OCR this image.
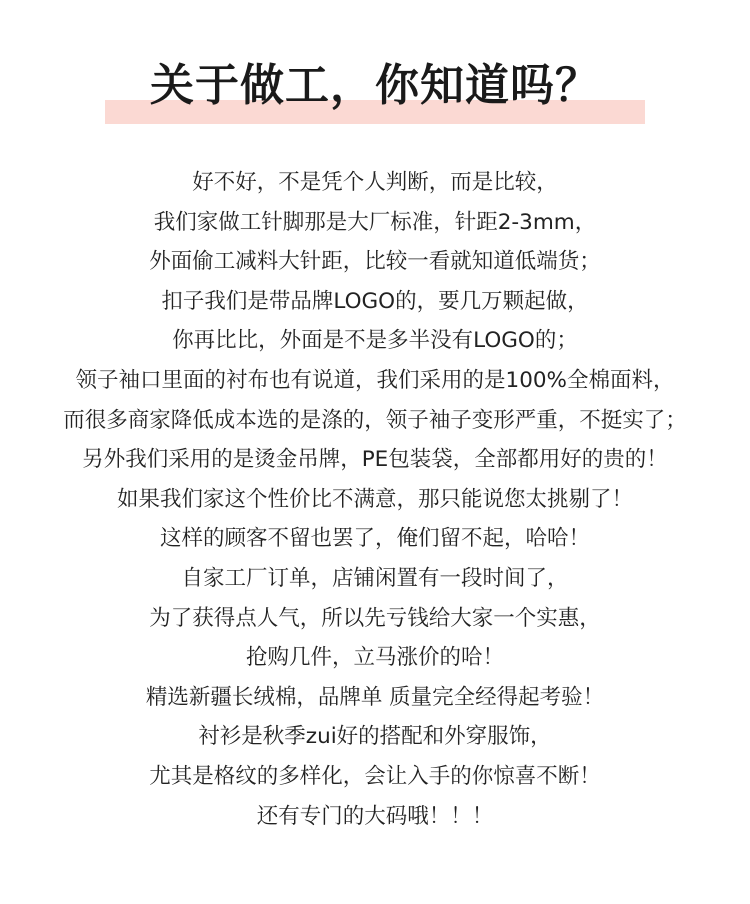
关于做工，你知道吗？
好不好，不是凭个人判断，而是比较，
我们家做工针脚那是大厂标准，针距2-3mm，
外面偷工减料大针距，比较一看就知道低端货；
扣子我们是带品牌LOGO的，要几万颗起做，
你再比比，外面是不是多半没有LOGO的；
领子袖口里面的衬布也有说道，我们采用的是100%全棉面料，
而很多商家降低成本选的是涤的，领子袖子变形严重，不挺实了；
另外我们采用的是烫金吊牌，PE包装袋，全部都用好的贵的！
如果我们家这个性价比不满意，那只能说您太挑剔了！
这样的顾客不留也罢了，俺们留不起，哈哈！
自家工厂订单，店铺闲置有一段时间了，
为了获得点人气，所以先亏钱给大家一个实惠，
抢购几件，立马涨价的哈！
精选新疆长绒棉，品牌单 质量完全经得起考验！
衬衫是秋季zui好的搭配和外穿服饰，
尤其是格纹的多样化，会让入手的你惊喜不断！
还有专门的大码哦！！！
